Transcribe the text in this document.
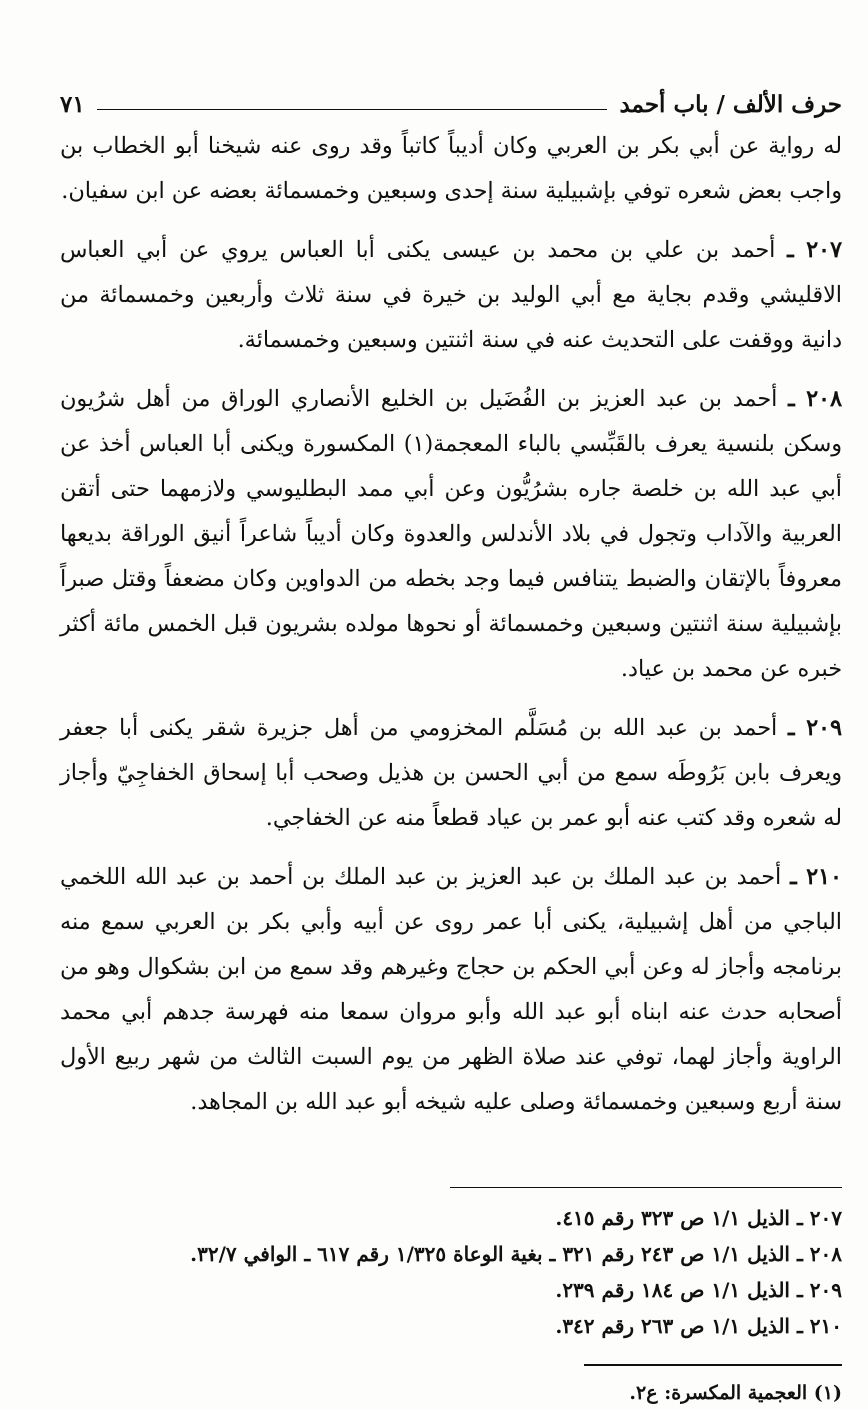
حرف الألف / باب أحمد
٧١

له رواية عن أبي بكر بن العربي وكان أديباً كاتباً وقد روى عنه شيخنا أبو الخطاب بن واجب بعض شعره توفي بإشبيلية سنة إحدى وسبعين وخمسمائة بعضه عن ابن سفيان.

٢٠٧ ـ أحمد بن علي بن محمد بن عيسى يكنى أبا العباس يروي عن أبي العباس الاقليشي وقدم بجاية مع أبي الوليد بن خيرة في سنة ثلاث وأربعين وخمسمائة من دانية ووقفت على التحديث عنه في سنة اثنتين وسبعين وخمسمائة.

٢٠٨ ـ أحمد بن عبد العزيز بن الفُضَيل بن الخليع الأنصاري الوراق من أهل شرُيون وسكن بلنسية يعرف بالقَبِّسي بالباء المعجمة(١) المكسورة ويكنى أبا العباس أخذ عن أبي عبد الله بن خلصة جاره بشرُيُّون وعن أبي ممد البطليوسي ولازمهما حتى أتقن العربية والآداب وتجول في بلاد الأندلس والعدوة وكان أديباً شاعراً أنيق الوراقة بديعها معروفاً بالإتقان والضبط يتنافس فيما وجد بخطه من الدواوين وكان مضعفاً وقتل صبراً بإشبيلية سنة اثنتين وسبعين وخمسمائة أو نحوها مولده بشريون قبل الخمس مائة أكثر خبره عن محمد بن عياد.

٢٠٩ ـ أحمد بن عبد الله بن مُسَلَّم المخزومي من أهل جزيرة شقر يكنى أبا جعفر ويعرف بابن بَرُوطَه سمع من أبي الحسن بن هذيل وصحب أبا إسحاق الخفاجِيّ وأجاز له شعره وقد كتب عنه أبو عمر بن عياد قطعاً منه عن الخفاجي.

٢١٠ ـ أحمد بن عبد الملك بن عبد العزيز بن عبد الملك بن أحمد بن عبد الله اللخمي الباجي من أهل إشبيلية، يكنى أبا عمر روى عن أبيه وأبي بكر بن العربي سمع منه برنامجه وأجاز له وعن أبي الحكم بن حجاج وغيرهم وقد سمع من ابن بشكوال وهو من أصحابه حدث عنه ابناه أبو عبد الله وأبو مروان سمعا منه فهرسة جدهم أبي محمد الراوية وأجاز لهما، توفي عند صلاة الظهر من يوم السبت الثالث من شهر ربيع الأول سنة أربع وسبعين وخمسمائة وصلى عليه شيخه أبو عبد الله بن المجاهد.

٢٠٧ ـ الذيل ١/١ ص ٣٢٣ رقم ٤١٥.
٢٠٨ ـ الذيل ١/١ ص ٢٤٣ رقم ٣٢١ ـ بغية الوعاة ١/٣٢٥ رقم ٦١٧ ـ الوافي ٣٢/٧.
٢٠٩ ـ الذيل ١/١ ص ١٨٤ رقم ٢٣٩.
٢١٠ ـ الذيل ١/١ ص ٢٦٣ رقم ٣٤٢.
(١) العجمية المكسرة: ع٢.
